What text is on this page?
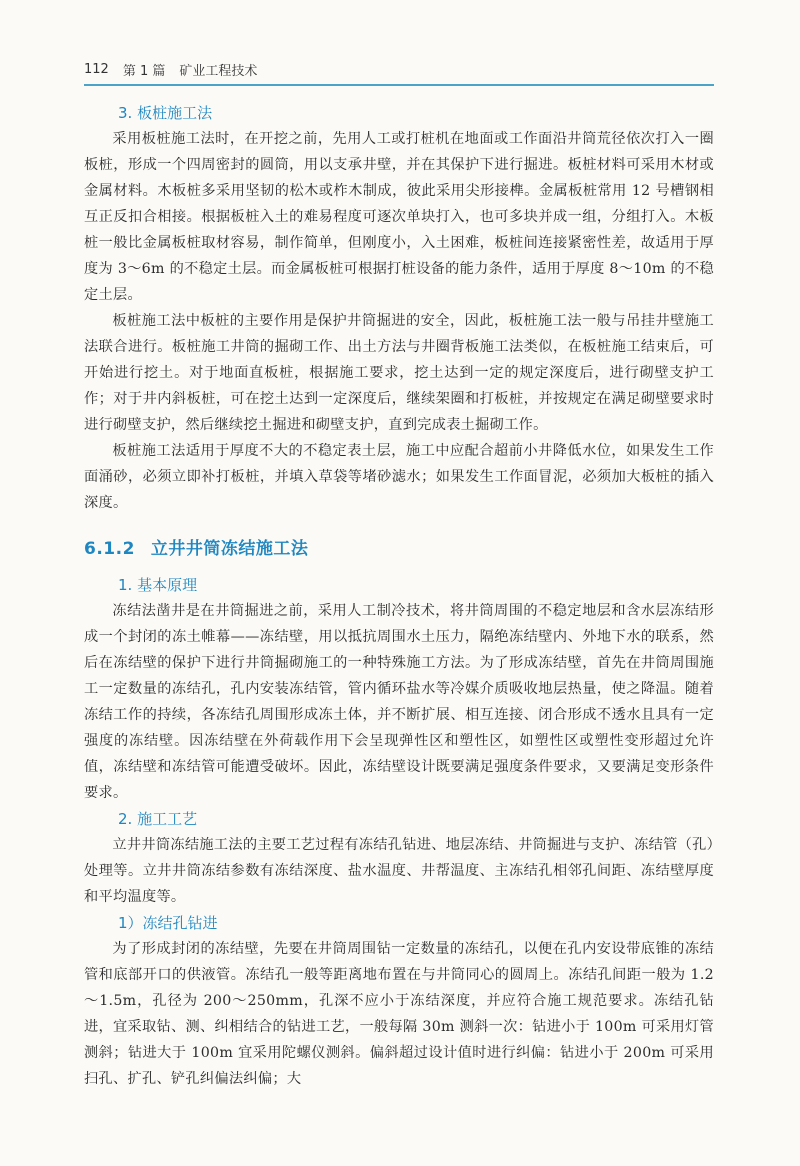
112 第 1 篇 矿业工程技术
3. 板桩施工法

采用板桩施工法时，在开挖之前，先用人工或打桩机在地面或工作面沿井筒荒径依次打入一圈板桩，形成一个四周密封的圆筒，用以支承井壁，并在其保护下进行掘进。板桩材料可采用木材或金属材料。木板桩多采用坚韧的松木或柞木制成，彼此采用尖形接榫。金属板桩常用 12 号槽钢相互正反扣合相接。根据板桩入土的难易程度可逐次单块打入，也可多块并成一组，分组打入。木板桩一般比金属板桩取材容易，制作简单，但刚度小，入土困难，板桩间连接紧密性差，故适用于厚度为 3～6m 的不稳定土层。而金属板桩可根据打桩设备的能力条件，适用于厚度 8～10m 的不稳定土层。

板桩施工法中板桩的主要作用是保护井筒掘进的安全，因此，板桩施工法一般与吊挂井壁施工法联合进行。板桩施工井筒的掘砌工作、出土方法与井圈背板施工法类似，在板桩施工结束后，可开始进行挖土。对于地面直板桩，根据施工要求，挖土达到一定的规定深度后，进行砌壁支护工作；对于井内斜板桩，可在挖土达到一定深度后，继续架圈和打板桩，并按规定在满足砌壁要求时进行砌壁支护，然后继续挖土掘进和砌壁支护，直到完成表土掘砌工作。

板桩施工法适用于厚度不大的不稳定表土层，施工中应配合超前小井降低水位，如果发生工作面涌砂，必须立即补打板桩，并填入草袋等堵砂滤水；如果发生工作面冒泥，必须加大板桩的插入深度。

6.1.2 立井井筒冻结施工法
1. 基本原理

冻结法凿井是在井筒掘进之前，采用人工制冷技术，将井筒周围的不稳定地层和含水层冻结形成一个封闭的冻土帷幕——冻结壁，用以抵抗周围水土压力，隔绝冻结壁内、外地下水的联系，然后在冻结壁的保护下进行井筒掘砌施工的一种特殊施工方法。为了形成冻结壁，首先在井筒周围施工一定数量的冻结孔，孔内安装冻结管，管内循环盐水等冷媒介质吸收地层热量，使之降温。随着冻结工作的持续，各冻结孔周围形成冻土体，并不断扩展、相互连接、闭合形成不透水且具有一定强度的冻结壁。因冻结壁在外荷载作用下会呈现弹性区和塑性区，如塑性区或塑性变形超过允许值，冻结壁和冻结管可能遭受破坏。因此，冻结壁设计既要满足强度条件要求，又要满足变形条件要求。

2. 施工工艺

立井井筒冻结施工法的主要工艺过程有冻结孔钻进、地层冻结、井筒掘进与支护、冻结管（孔）处理等。立井井筒冻结参数有冻结深度、盐水温度、井帮温度、主冻结孔相邻孔间距、冻结壁厚度和平均温度等。

1）冻结孔钻进

为了形成封闭的冻结壁，先要在井筒周围钻一定数量的冻结孔，以便在孔内安设带底锥的冻结管和底部开口的供液管。冻结孔一般等距离地布置在与井筒同心的圆周上。冻结孔间距一般为 1.2～1.5m，孔径为 200～250mm，孔深不应小于冻结深度，并应符合施工规范要求。冻结孔钻进，宜采取钻、测、纠相结合的钻进工艺，一般每隔 30m 测斜一次：钻进小于 100m 可采用灯管测斜；钻进大于 100m 宜采用陀螺仪测斜。偏斜超过设计值时进行纠偏：钻进小于 200m 可采用扫孔、扩孔、铲孔纠偏法纠偏；大
